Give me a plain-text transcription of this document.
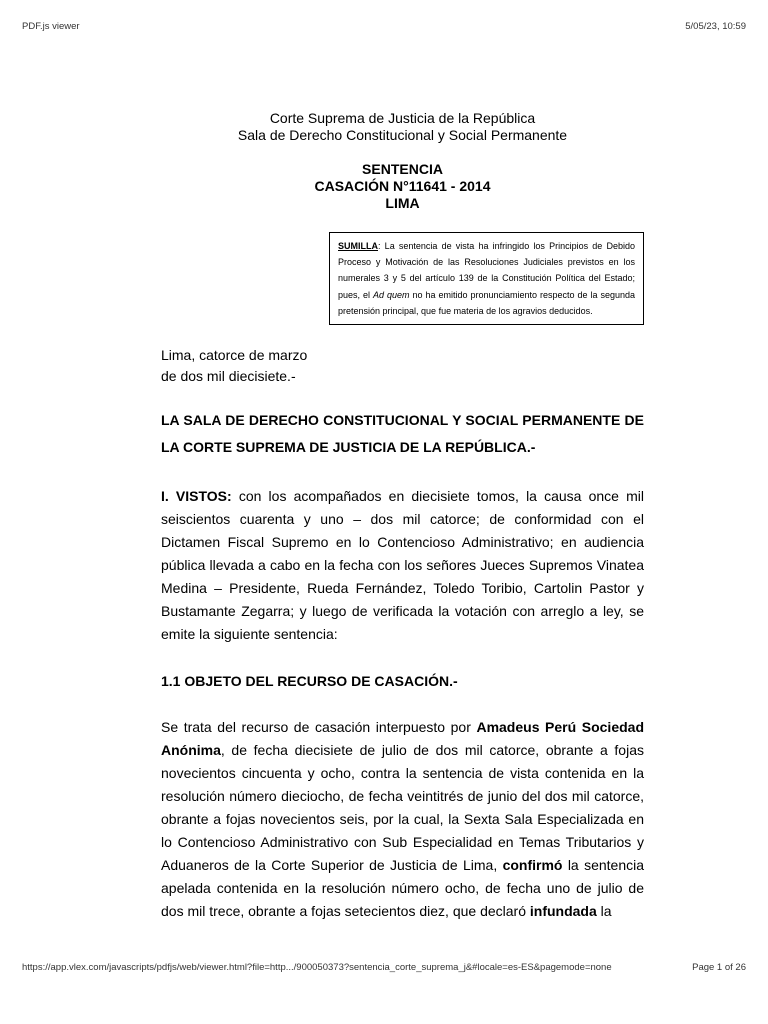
PDF.js viewer	5/05/23, 10:59
Corte Suprema de Justicia de la República
Sala de Derecho Constitucional y Social Permanente
SENTENCIA
CASACIÓN N°11641 - 2014
LIMA
SUMILLA: La sentencia de vista ha infringido los Principios de Debido Proceso y Motivación de las Resoluciones Judiciales previstos en los numerales 3 y 5 del artículo 139 de la Constitución Política del Estado; pues, el Ad quem no ha emitido pronunciamiento respecto de la segunda pretensión principal, que fue materia de los agravios deducidos.
Lima, catorce de marzo
de dos mil diecisiete.-
LA SALA DE DERECHO CONSTITUCIONAL Y SOCIAL PERMANENTE DE LA CORTE SUPREMA DE JUSTICIA DE LA REPÚBLICA.-
I. VISTOS: con los acompañados en diecisiete tomos, la causa once mil seiscientos cuarenta y uno – dos mil catorce; de conformidad con el Dictamen Fiscal Supremo en lo Contencioso Administrativo; en audiencia pública llevada a cabo en la fecha con los señores Jueces Supremos Vinatea Medina – Presidente, Rueda Fernández, Toledo Toribio, Cartolin Pastor y Bustamante Zegarra; y luego de verificada la votación con arreglo a ley, se emite la siguiente sentencia:
1.1 OBJETO DEL RECURSO DE CASACIÓN.-
Se trata del recurso de casación interpuesto por Amadeus Perú Sociedad Anónima, de fecha diecisiete de julio de dos mil catorce, obrante a fojas novecientos cincuenta y ocho, contra la sentencia de vista contenida en la resolución número dieciocho, de fecha veintitrés de junio del dos mil catorce, obrante a fojas novecientos seis, por la cual, la Sexta Sala Especializada en lo Contencioso Administrativo con Sub Especialidad en Temas Tributarios y Aduaneros de la Corte Superior de Justicia de Lima, confirmó la sentencia apelada contenida en la resolución número ocho, de fecha uno de julio de dos mil trece, obrante a fojas setecientos diez, que declaró infundada la
https://app.vlex.com/javascripts/pdfjs/web/viewer.html?file=http.../900050373?sentencia_corte_suprema_j&#locale=es-ES&pagemode=none	Page 1 of 26
